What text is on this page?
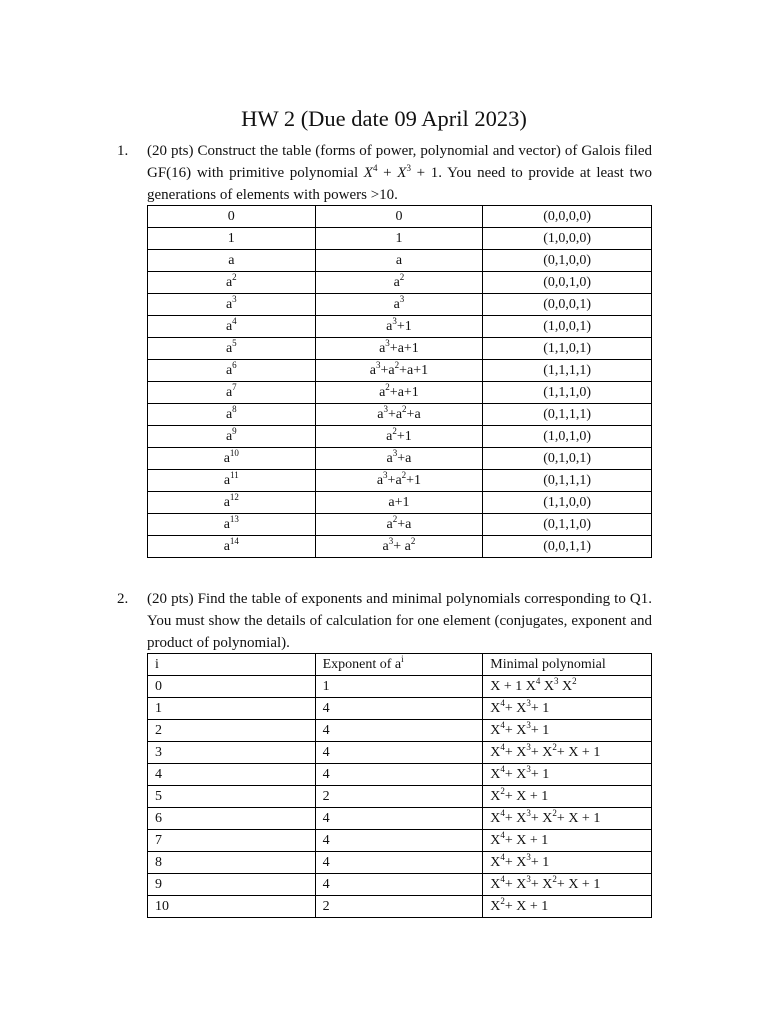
HW 2 (Due date 09 April 2023)
1. (20 pts) Construct the table (forms of power, polynomial and vector) of Galois filed GF(16) with primitive polynomial $X^4 + X^3 + 1$. You need to provide at least two generations of elements with powers >10.
0	0	(0,0,0,0)
1	1	(1,0,0,0)
a	a	(0,1,0,0)
$a^2$	$a^2$	(0,0,1,0)
$a^3$	$a^3$	(0,0,0,1)
$a^4$	$a^3+1$	(1,0,0,1)
$a^5$	$a^3+a+1$	(1,1,0,1)
$a^6$	$a^3+a^2+a+1$	(1,1,1,1)
$a^7$	$a^2+a+1$	(1,1,1,0)
$a^8$	$a^3+a^2+a$	(0,1,1,1)
$a^9$	$a^2+1$	(1,0,1,0)
$a^{10}$	$a^3+a$	(0,1,0,1)
$a^{11}$	$a^3+a^2+1$	(0,1,1,1)
$a^{12}$	a+1	(1,1,0,0)
$a^{13}$	$a^2+a$	(0,1,1,0)
$a^{14}$	$a^3+ a^2$	(0,0,1,1)
2. (20 pts) Find the table of exponents and minimal polynomials corresponding to Q1. You must show the details of calculation for one element (conjugates, exponent and product of polynomial).
i	Exponent of $a^i$	Minimal polynomial
0	1	X + 1 $X^4$ $X^3$ $X^2$
1	4	$X^4+ X^3+ 1$
2	4	$X^4+ X^3+ 1$
3	4	$X^4+ X^3+ X^2+ X + 1$
4	4	$X^4+ X^3+ 1$
5	2	$X^2+ X + 1$
6	4	$X^4+ X^3+ X^2+ X + 1$
7	4	$X^4+ X + 1$
8	4	$X^4+ X^3+ 1$
9	4	$X^4+ X^3+ X^2+ X + 1$
10	2	$X^2+ X + 1$
